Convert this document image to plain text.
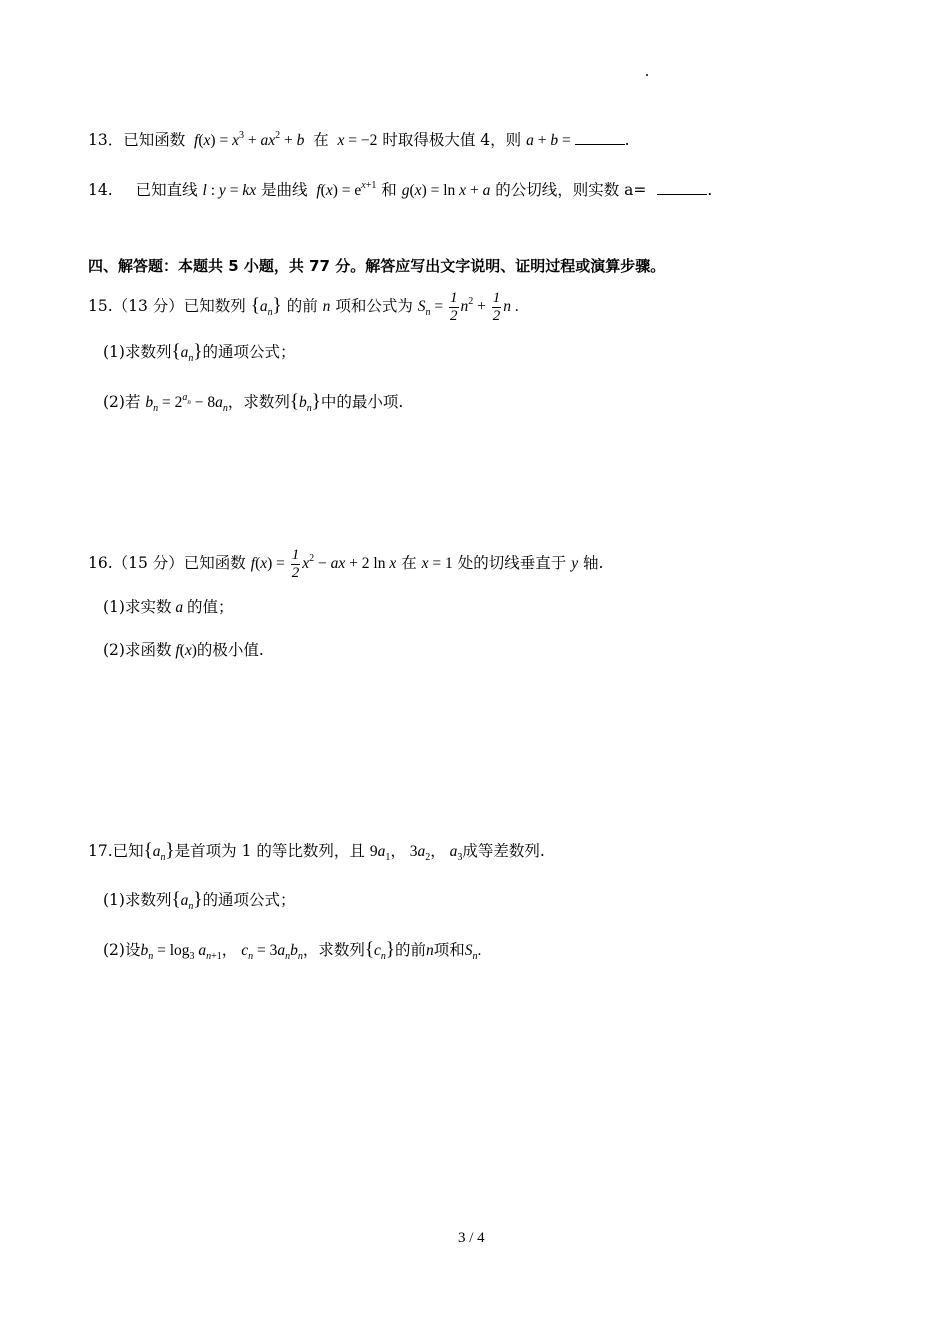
13．已知函数  $f(x) = x^3 + ax^2 + b$  在  x = −2 时取得极大值 4，则 a + b =	.
14. 已知直线 l : y = kx 是曲线  $f(x) = e^{x+1}$ 和 g(x) = ln x + a 的公切线，则实数 a=	.
四、解答题：本题共 5 小题，共 77 分。解答应写出文字说明、证明过程或演算步骤。
15.（13 分）已知数列 $\{a_n\}$ 的前 n 项和公式为 $S_n = \frac{1}{2} n^2 + \frac{1}{2}$ n .
(1)求数列$\{a_n\}$的通项公式；
(2)若 $b_n = 2^{a_n} - 8a_n$，求数列$\{b_n\}$中的最小项.
16.（15 分）已知函数 $f(x) = \frac{1}{2} x^2$ − ax + 2 ln x 在 x = 1 处的切线垂直于 y 轴.
(1)求实数 a 的值；
(2)求函数 f(x)的极小值.
17.已知$\{a_n\}$是首项为 1 的等比数列，且 $9a_1$， $3a_2$， $a_3$成等差数列.
(1)求数列$\{a_n\}$的通项公式；
(2)设$b_n = \log_3 a_{n+1}$， $c_n = 3a_nb_n$，求数列$\{c_n\}$的前n项和$S_n$.
3 / 4
